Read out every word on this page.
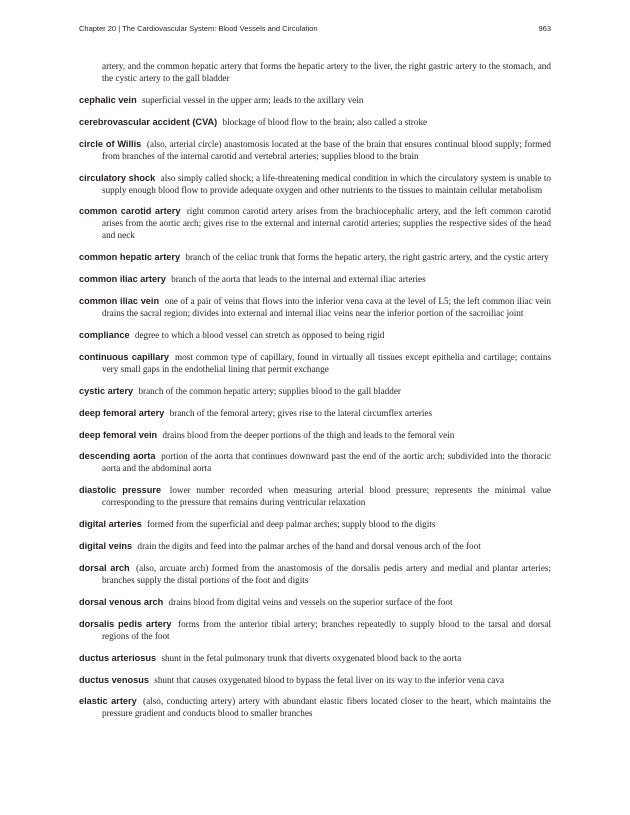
Chapter 20 | The Cardiovascular System: Blood Vessels and Circulation	963

artery, and the common hepatic artery that forms the hepatic artery to the liver, the right gastric artery to the stomach, and the cystic artery to the gall bladder

cephalic vein superficial vessel in the upper arm; leads to the axillary vein

cerebrovascular accident (CVA) blockage of blood flow to the brain; also called a stroke

circle of Willis (also, arterial circle) anastomosis located at the base of the brain that ensures continual blood supply; formed from branches of the internal carotid and vertebral arteries; supplies blood to the brain

circulatory shock also simply called shock; a life-threatening medical condition in which the circulatory system is unable to supply enough blood flow to provide adequate oxygen and other nutrients to the tissues to maintain cellular metabolism

common carotid artery right common carotid artery arises from the brachiocephalic artery, and the left common carotid arises from the aortic arch; gives rise to the external and internal carotid arteries; supplies the respective sides of the head and neck

common hepatic artery branch of the celiac trunk that forms the hepatic artery, the right gastric artery, and the cystic artery

common iliac artery branch of the aorta that leads to the internal and external iliac arteries

common iliac vein one of a pair of veins that flows into the inferior vena cava at the level of L5; the left common iliac vein drains the sacral region; divides into external and internal iliac veins near the inferior portion of the sacroiliac joint

compliance degree to which a blood vessel can stretch as opposed to being rigid

continuous capillary most common type of capillary, found in virtually all tissues except epithelia and cartilage; contains very small gaps in the endothelial lining that permit exchange

cystic artery branch of the common hepatic artery; supplies blood to the gall bladder

deep femoral artery branch of the femoral artery; gives rise to the lateral circumflex arteries

deep femoral vein drains blood from the deeper portions of the thigh and leads to the femoral vein

descending aorta portion of the aorta that continues downward past the end of the aortic arch; subdivided into the thoracic aorta and the abdominal aorta

diastolic pressure lower number recorded when measuring arterial blood pressure; represents the minimal value corresponding to the pressure that remains during ventricular relaxation

digital arteries formed from the superficial and deep palmar arches; supply blood to the digits

digital veins drain the digits and feed into the palmar arches of the hand and dorsal venous arch of the foot

dorsal arch (also, arcuate arch) formed from the anastomosis of the dorsalis pedis artery and medial and plantar arteries; branches supply the distal portions of the foot and digits

dorsal venous arch drains blood from digital veins and vessels on the superior surface of the foot

dorsalis pedis artery forms from the anterior tibial artery; branches repeatedly to supply blood to the tarsal and dorsal regions of the foot

ductus arteriosus shunt in the fetal pulmonary trunk that diverts oxygenated blood back to the aorta

ductus venosus shunt that causes oxygenated blood to bypass the fetal liver on its way to the inferior vena cava

elastic artery (also, conducting artery) artery with abundant elastic fibers located closer to the heart, which maintains the pressure gradient and conducts blood to smaller branches
